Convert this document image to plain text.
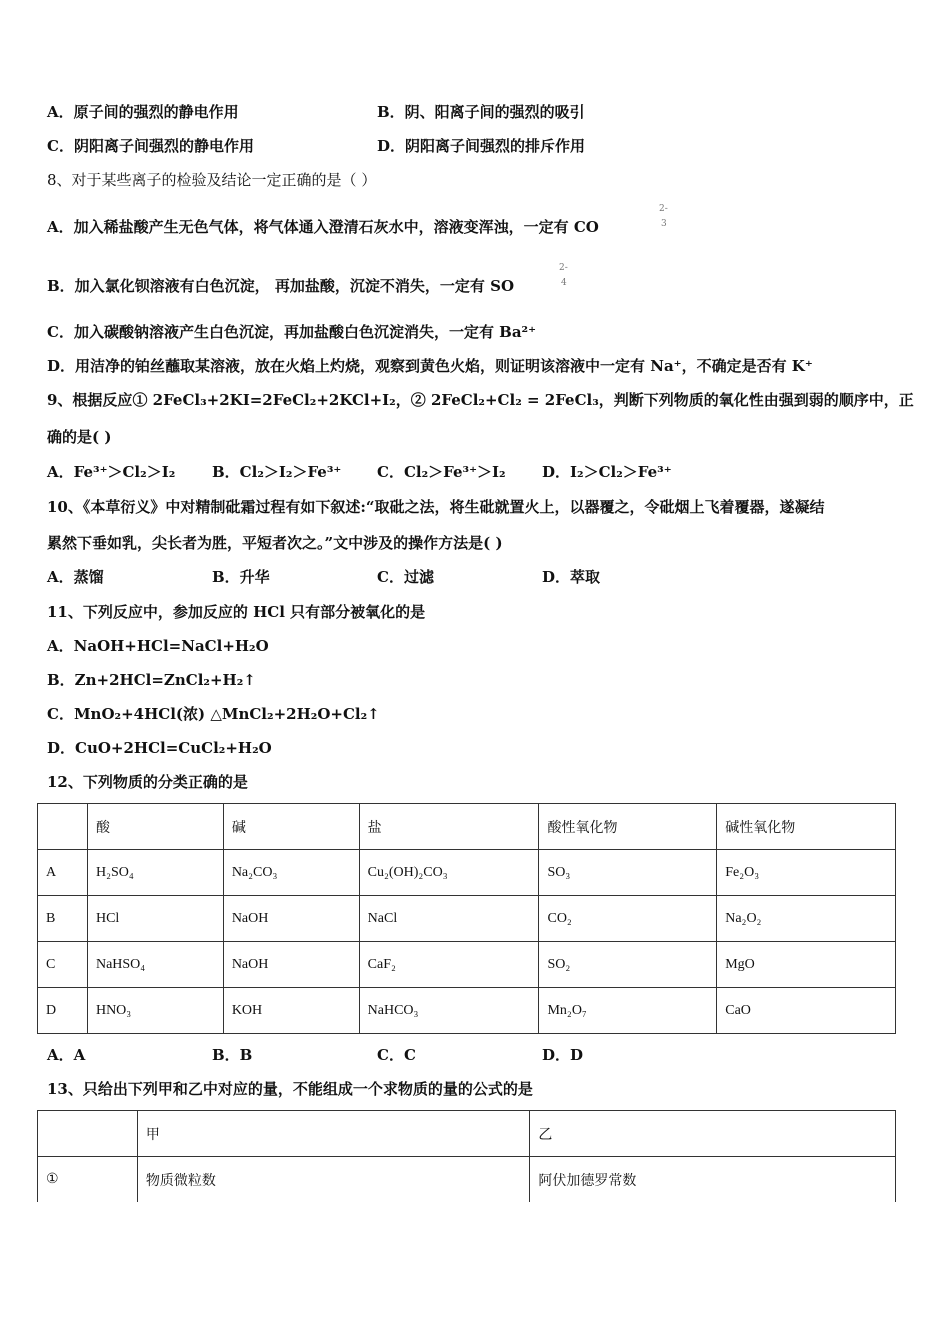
A．原子间的强烈的静电作用	B．阴、阳离子间的强烈的吸引
C．阴阳离子间强烈的静电作用	D．阴阳离子间强烈的排斥作用
8、对于某些离子的检验及结论一定正确的是（ ）
A．加入稀盐酸产生无色气体，将气体通入澄清石灰水中，溶液变浑浊，一定有 CO
2-
3
B．加入氯化钡溶液有白色沉淀， 再加盐酸，沉淀不消失，一定有 SO
2-
4
C．加入碳酸钠溶液产生白色沉淀，再加盐酸白色沉淀消失，一定有 Ba²⁺
D．用洁净的铂丝蘸取某溶液，放在火焰上灼烧，观察到黄色火焰，则证明该溶液中一定有 Na⁺，不确定是否有 K⁺
9、根据反应① 2FeCl₃+2KI=2FeCl₂+2KCl+I₂，② 2FeCl₂+Cl₂ = 2FeCl₃，判断下列物质的氧化性由强到弱的顺序中，正
确的是( )
A．Fe³⁺＞Cl₂＞I₂ B．Cl₂＞I₂＞Fe³⁺ C．Cl₂＞Fe³⁺＞I₂ D．I₂＞Cl₂＞Fe³⁺
10、《本草衍义》中对精制砒霜过程有如下叙述:“取砒之法，将生砒就置火上，以器覆之，令砒烟上飞着覆器，遂凝结
累然下垂如乳，尖长者为胜，平短者次之。”文中涉及的操作方法是( )
A．蒸馏	B．升华	C．过滤	D．萃取
11、下列反应中，参加反应的 HCl 只有部分被氧化的是
A．NaOH+HCl=NaCl+H₂O
B．Zn+2HCl=ZnCl₂+H₂↑
C．MnO₂+4HCl(浓) △MnCl₂+2H₂O+Cl₂↑
D．CuO+2HCl=CuCl₂+H₂O
12、下列物质的分类正确的是
	酸	碱	盐	酸性氧化物	碱性氧化物
A	H₂SO₄	Na₂CO₃	Cu₂(OH)₂CO₃	SO₃	Fe₂O₃
B	HCl	NaOH	NaCl	CO₂	Na₂O₂
C	NaHSO₄	NaOH	CaF₂	SO₂	MgO
D	HNO₃	KOH	NaHCO₃	Mn₂O₇	CaO
A．A	B．B	C．C	D．D
13、只给出下列甲和乙中对应的量，不能组成一个求物质的量的公式的是
	甲	乙
①	物质微粒数	阿伏加德罗常数
